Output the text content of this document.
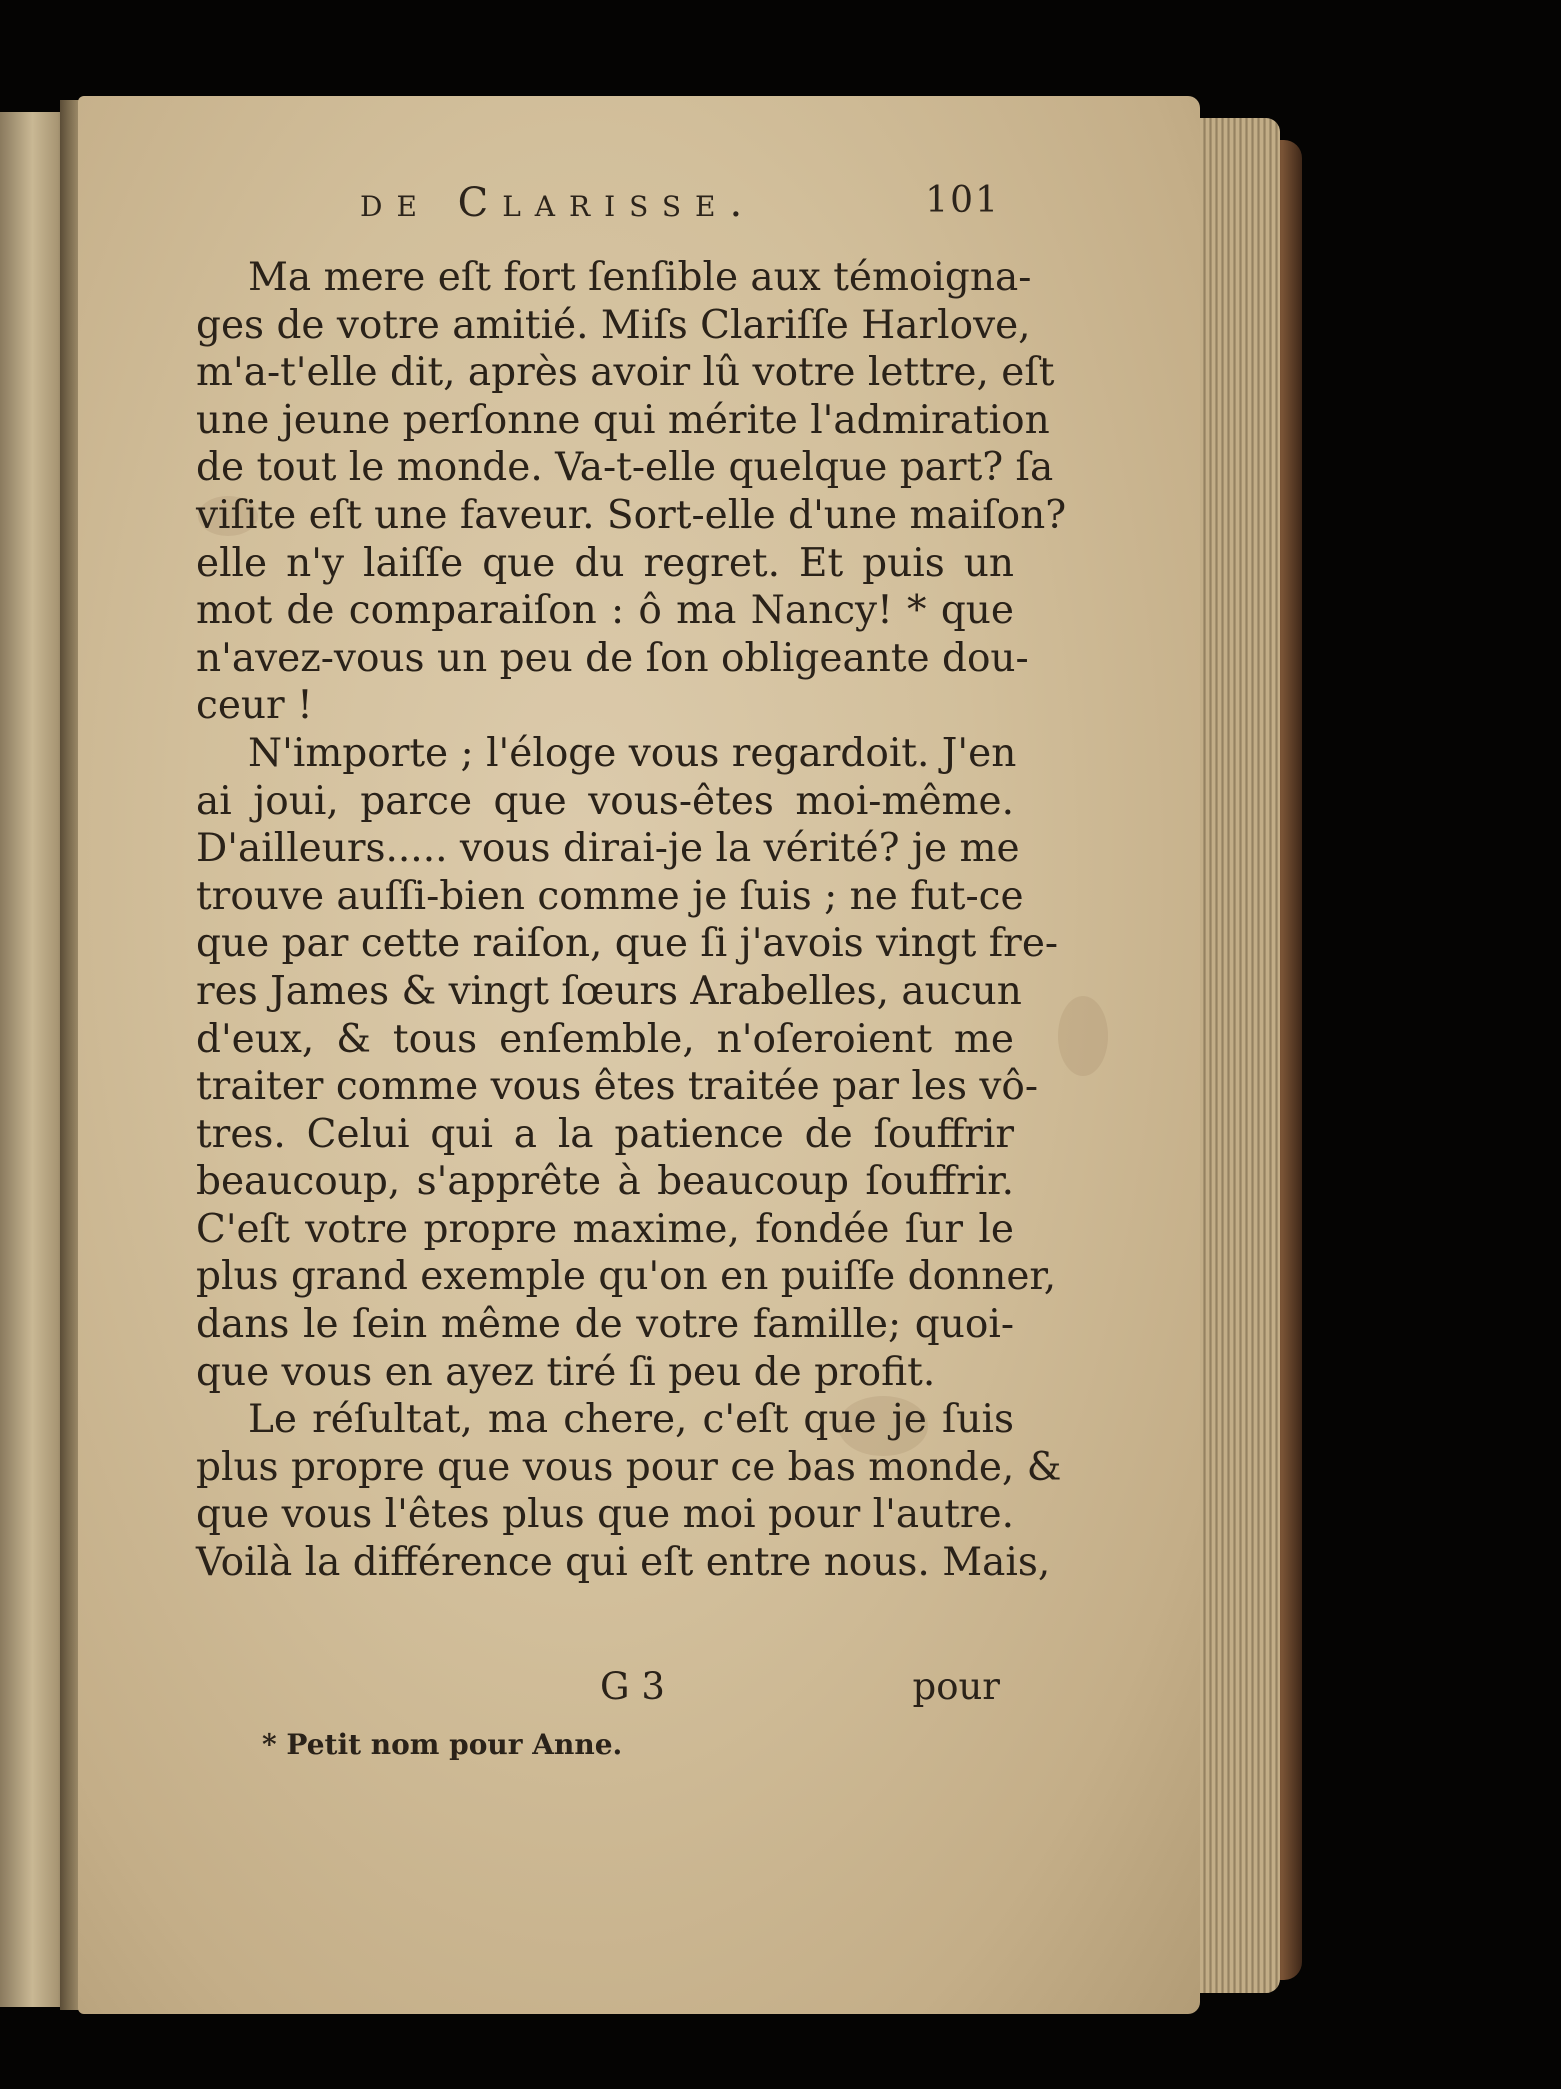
de Clarisse.	101
Ma mere eſt fort ſenſible aux témoigna-
ges de votre amitié. Miſs Clariſſe Harlove,
m'a-t'elle dit, après avoir lû votre lettre, eſt
une jeune perſonne qui mérite l'admiration
de tout le monde. Va-t-elle quelque part? ſa
viſite eſt une faveur. Sort-elle d'une maiſon?
elle n'y laiſſe que du regret. Et puis un
mot de comparaiſon : ô ma Nancy! * que
n'avez-vous un peu de ſon obligeante dou-
ceur !
N'importe ; l'éloge vous regardoit. J'en
ai joui, parce que vous-êtes moi-même.
D'ailleurs..... vous dirai-je la vérité? je me
trouve auſſi-bien comme je ſuis ; ne fut-ce
que par cette raiſon, que ſi j'avois vingt fre-
res James & vingt ſœurs Arabelles, aucun
d'eux, & tous enſemble, n'oſeroient me
traiter comme vous êtes traitée par les vô-
tres. Celui qui a la patience de ſouffrir
beaucoup, s'apprête à beaucoup ſouffrir.
C'eſt votre propre maxime, fondée ſur le
plus grand exemple qu'on en puiſſe donner,
dans le ſein même de votre famille; quoi-
que vous en ayez tiré ſi peu de profit.
Le réſultat, ma chere, c'eſt que je ſuis
plus propre que vous pour ce bas monde, &
que vous l'êtes plus que moi pour l'autre.
Voilà la différence qui eſt entre nous. Mais,
G 3	pour
* Petit nom pour Anne.
